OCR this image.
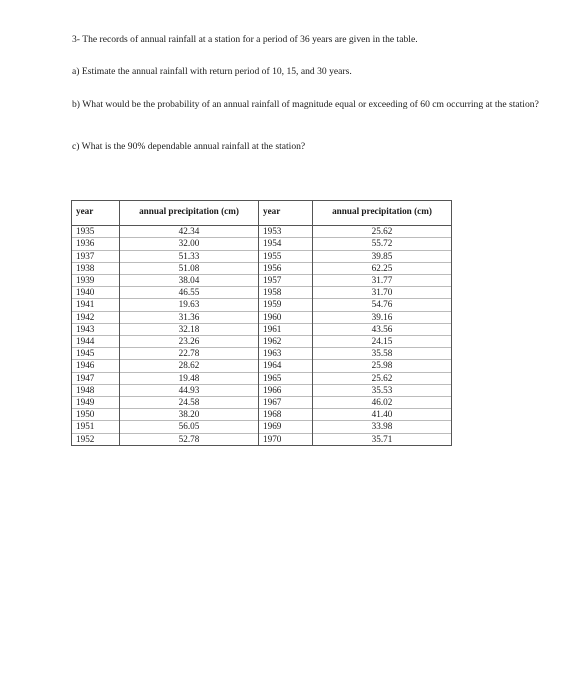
3- The records of annual rainfall at a station for a period of 36 years are given in the table.
a) Estimate the annual rainfall with return period of 10, 15, and 30 years.
b) What would be the probability of an annual rainfall of magnitude equal or exceeding of 60 cm occurring at the station?
c) What is the 90% dependable annual rainfall at the station?
year	annual precipitation (cm)	year	annual precipitation (cm)
1935	42.34	1953	25.62
1936	32.00	1954	55.72
1937	51.33	1955	39.85
1938	51.08	1956	62.25
1939	38.04	1957	31.77
1940	46.55	1958	31.70
1941	19.63	1959	54.76
1942	31.36	1960	39.16
1943	32.18	1961	43.56
1944	23.26	1962	24.15
1945	22.78	1963	35.58
1946	28.62	1964	25.98
1947	19.48	1965	25.62
1948	44.93	1966	35.53
1949	24.58	1967	46.02
1950	38.20	1968	41.40
1951	56.05	1969	33.98
1952	52.78	1970	35.71
